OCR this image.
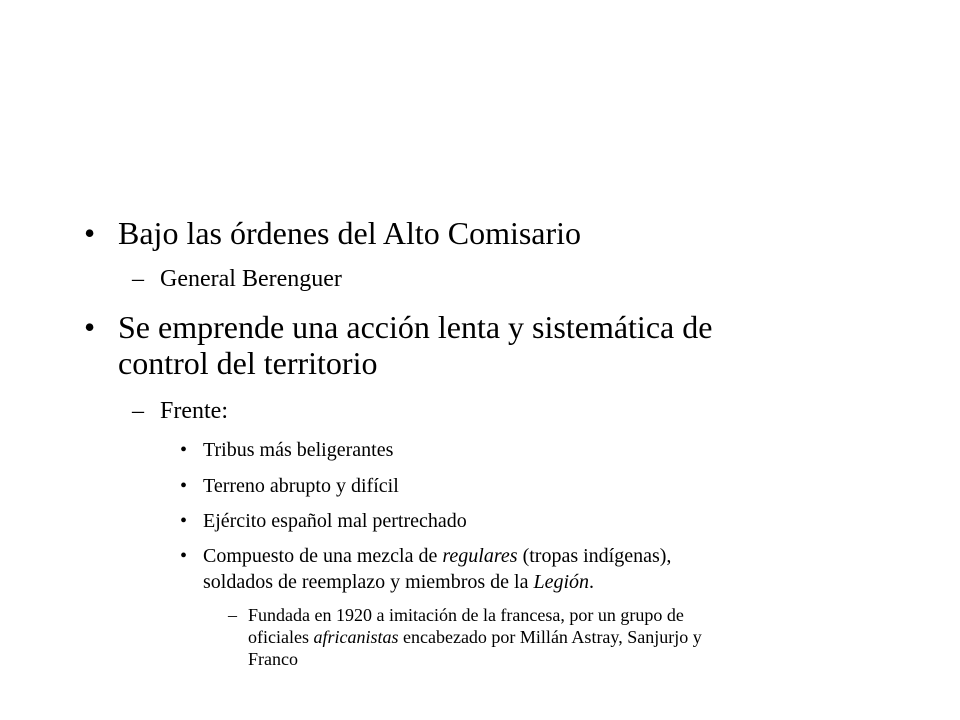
• Bajo las órdenes del Alto Comisario
– General Berenguer
• Se emprende una acción lenta y sistemática de
control del territorio
– Frente:
• Tribus más beligerantes
• Terreno abrupto y difícil
• Ejército español mal pertrechado
• Compuesto de una mezcla de regulares (tropas indígenas),
soldados de reemplazo y miembros de la Legión.
– Fundada en 1920 a imitación de la francesa, por un grupo de
oficiales africanistas encabezado por Millán Astray, Sanjurjo y
Franco
